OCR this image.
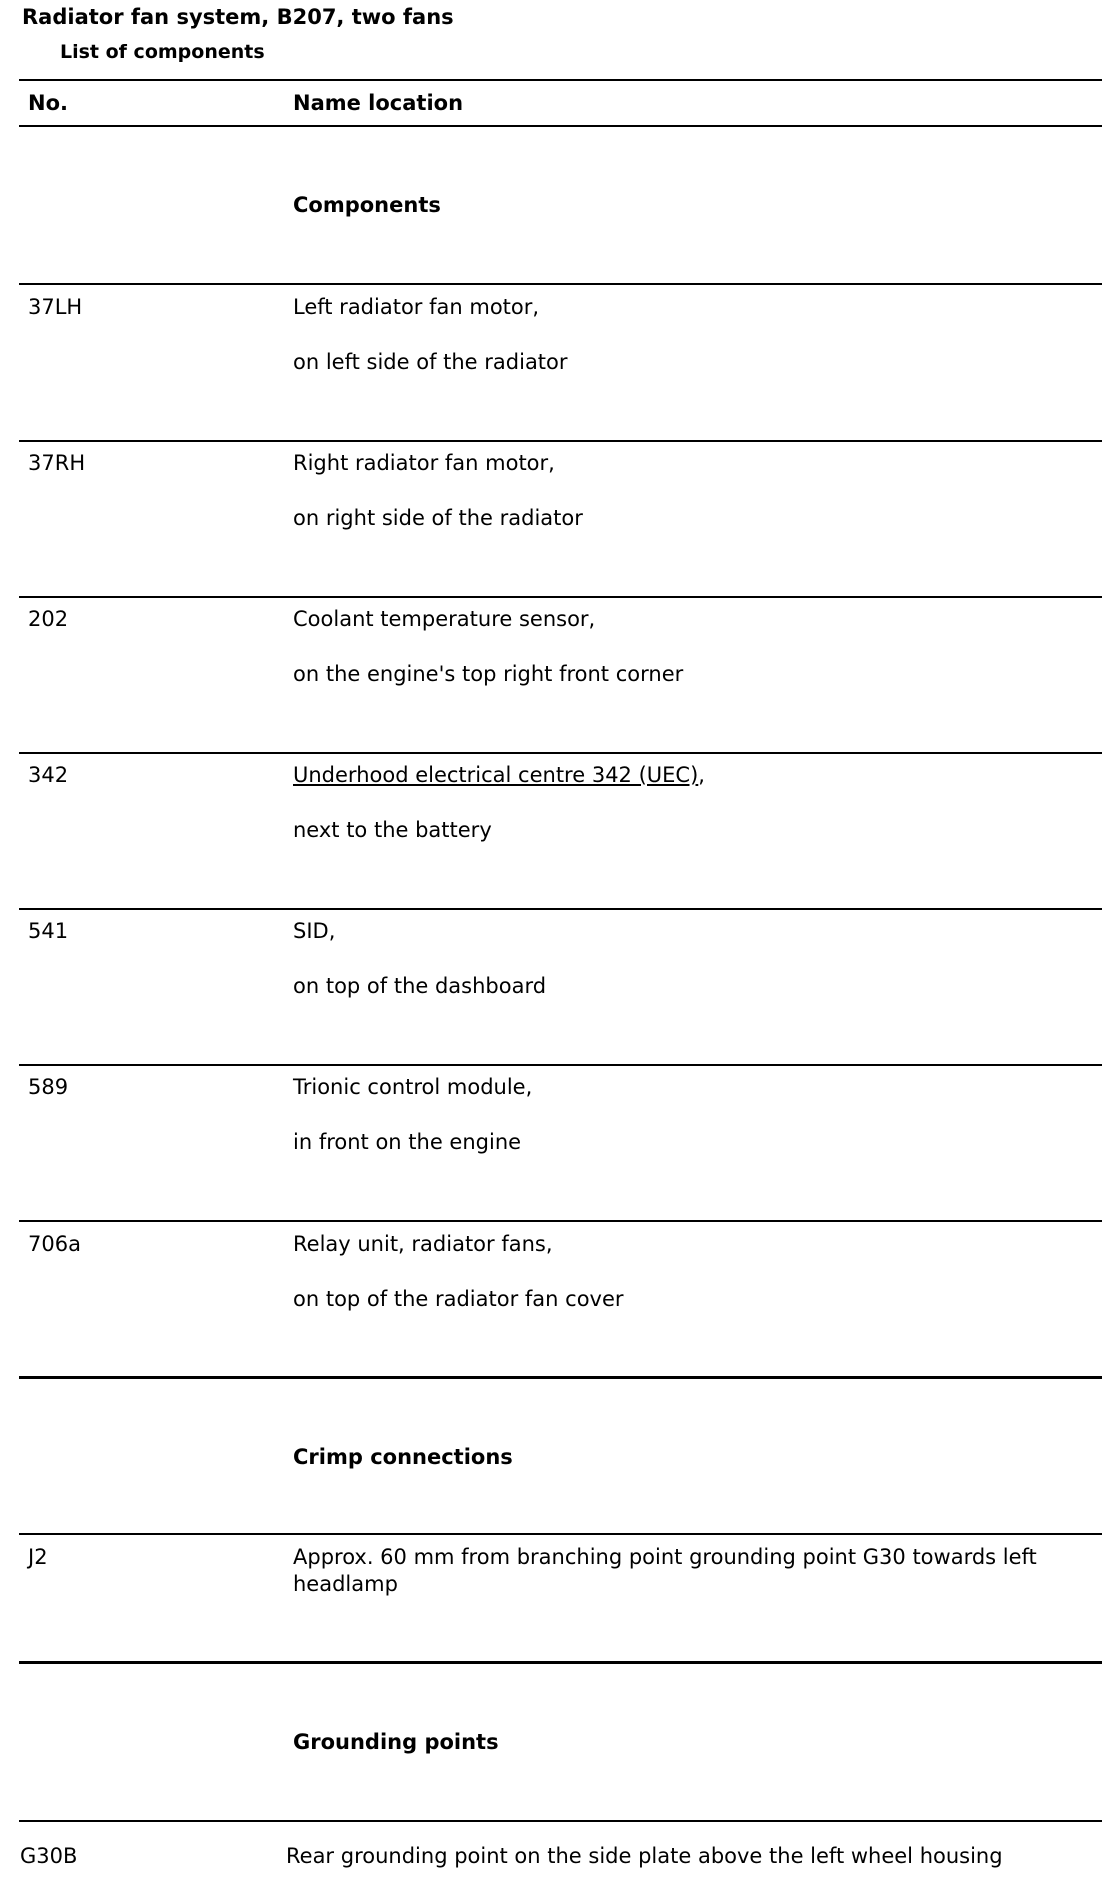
Radiator fan system, B207, two fans
List of components
No.	Name location
Components
37LH	Left radiator fan motor,
on left side of the radiator
37RH	Right radiator fan motor,
on right side of the radiator
202	Coolant temperature sensor,
on the engine's top right front corner
342	Underhood electrical centre 342 (UEC),
next to the battery
541	SID,
on top of the dashboard
589	Trionic control module,
in front on the engine
706a	Relay unit, radiator fans,
on top of the radiator fan cover
Crimp connections
J2	Approx. 60 mm from branching point grounding point G30 towards left headlamp
Grounding points
G30B	Rear grounding point on the side plate above the left wheel housing
